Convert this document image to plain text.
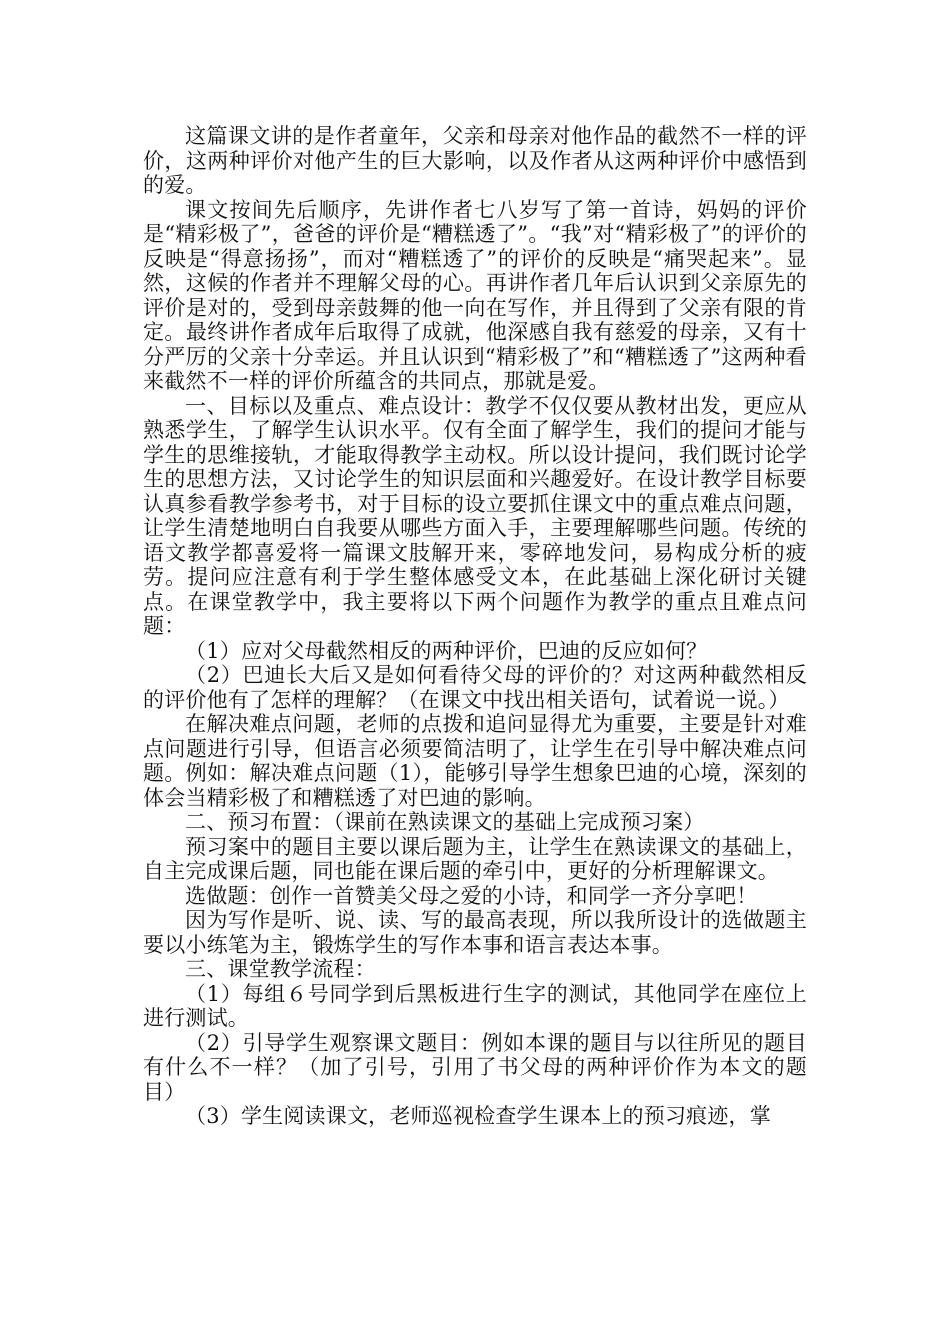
这篇课文讲的是作者童年，父亲和母亲对他作品的截然不一样的评价，这两种评价对他产生的巨大影响，以及作者从这两种评价中感悟到的爱。

课文按间先后顺序，先讲作者七八岁写了第一首诗，妈妈的评价是“精彩极了”，爸爸的评价是“糟糕透了”。“我”对“精彩极了”的评价的反映是“得意扬扬”，而对“糟糕透了”的评价的反映是“痛哭起来”。显然，这候的作者并不理解父母的心。再讲作者几年后认识到父亲原先的评价是对的，受到母亲鼓舞的他一向在写作，并且得到了父亲有限的肯定。最终讲作者成年后取得了成就，他深感自我有慈爱的母亲，又有十分严厉的父亲十分幸运。并且认识到“精彩极了”和“糟糕透了”这两种看来截然不一样的评价所蕴含的共同点，那就是爱。

一、目标以及重点、难点设计：教学不仅仅要从教材出发，更应从熟悉学生，了解学生认识水平。仅有全面了解学生，我们的提问才能与学生的思维接轨，才能取得教学主动权。所以设计提问，我们既讨论学生的思想方法，又讨论学生的知识层面和兴趣爱好。在设计教学目标要认真参看教学参考书，对于目标的设立要抓住课文中的重点难点问题，让学生清楚地明白自我要从哪些方面入手，主要理解哪些问题。传统的语文教学都喜爱将一篇课文肢解开来，零碎地发问，易构成分析的疲劳。提问应注意有利于学生整体感受文本，在此基础上深化研讨关键点。在课堂教学中，我主要将以下两个问题作为教学的重点且难点问题：

（1）应对父母截然相反的两种评价，巴迪的反应如何？

（2）巴迪长大后又是如何看待父母的评价的？对这两种截然相反的评价他有了怎样的理解？（在课文中找出相关语句，试着说一说。）

在解决难点问题，老师的点拨和追问显得尤为重要，主要是针对难点问题进行引导，但语言必须要简洁明了，让学生在引导中解决难点问题。例如：解决难点问题（1），能够引导学生想象巴迪的心境，深刻的体会当精彩极了和糟糕透了对巴迪的影响。

二、预习布置：（课前在熟读课文的基础上完成预习案）

预习案中的题目主要以课后题为主，让学生在熟读课文的基础上，自主完成课后题，同也能在课后题的牵引中，更好的分析理解课文。

选做题：创作一首赞美父母之爱的小诗，和同学一齐分享吧！

因为写作是听、说、读、写的最高表现，所以我所设计的选做题主要以小练笔为主，锻炼学生的写作本事和语言表达本事。

三、课堂教学流程：

（1）每组６号同学到后黑板进行生字的测试，其他同学在座位上进行测试。

（2）引导学生观察课文题目：例如本课的题目与以往所见的题目有什么不一样？（加了引号，引用了书父母的两种评价作为本文的题目）

（3）学生阅读课文，老师巡视检查学生课本上的预习痕迹，掌
